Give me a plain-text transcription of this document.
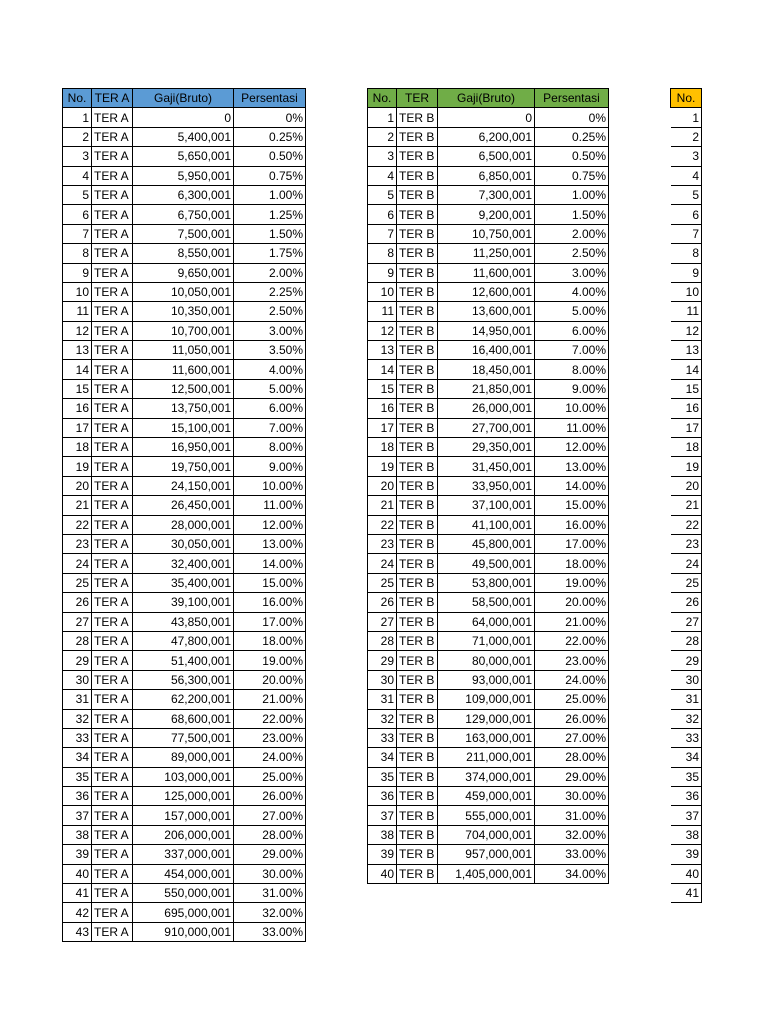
No.	TER A	Gaji(Bruto)	Persentasi
1	TER A	0	0%
2	TER A	5,400,001	0.25%
3	TER A	5,650,001	0.50%
4	TER A	5,950,001	0.75%
5	TER A	6,300,001	1.00%
6	TER A	6,750,001	1.25%
7	TER A	7,500,001	1.50%
8	TER A	8,550,001	1.75%
9	TER A	9,650,001	2.00%
10	TER A	10,050,001	2.25%
11	TER A	10,350,001	2.50%
12	TER A	10,700,001	3.00%
13	TER A	11,050,001	3.50%
14	TER A	11,600,001	4.00%
15	TER A	12,500,001	5.00%
16	TER A	13,750,001	6.00%
17	TER A	15,100,001	7.00%
18	TER A	16,950,001	8.00%
19	TER A	19,750,001	9.00%
20	TER A	24,150,001	10.00%
21	TER A	26,450,001	11.00%
22	TER A	28,000,001	12.00%
23	TER A	30,050,001	13.00%
24	TER A	32,400,001	14.00%
25	TER A	35,400,001	15.00%
26	TER A	39,100,001	16.00%
27	TER A	43,850,001	17.00%
28	TER A	47,800,001	18.00%
29	TER A	51,400,001	19.00%
30	TER A	56,300,001	20.00%
31	TER A	62,200,001	21.00%
32	TER A	68,600,001	22.00%
33	TER A	77,500,001	23.00%
34	TER A	89,000,001	24.00%
35	TER A	103,000,001	25.00%
36	TER A	125,000,001	26.00%
37	TER A	157,000,001	27.00%
38	TER A	206,000,001	28.00%
39	TER A	337,000,001	29.00%
40	TER A	454,000,001	30.00%
41	TER A	550,000,001	31.00%
42	TER A	695,000,001	32.00%
43	TER A	910,000,001	33.00%
No.	TER	Gaji(Bruto)	Persentasi
1	TER B	0	0%
2	TER B	6,200,001	0.25%
3	TER B	6,500,001	0.50%
4	TER B	6,850,001	0.75%
5	TER B	7,300,001	1.00%
6	TER B	9,200,001	1.50%
7	TER B	10,750,001	2.00%
8	TER B	11,250,001	2.50%
9	TER B	11,600,001	3.00%
10	TER B	12,600,001	4.00%
11	TER B	13,600,001	5.00%
12	TER B	14,950,001	6.00%
13	TER B	16,400,001	7.00%
14	TER B	18,450,001	8.00%
15	TER B	21,850,001	9.00%
16	TER B	26,000,001	10.00%
17	TER B	27,700,001	11.00%
18	TER B	29,350,001	12.00%
19	TER B	31,450,001	13.00%
20	TER B	33,950,001	14.00%
21	TER B	37,100,001	15.00%
22	TER B	41,100,001	16.00%
23	TER B	45,800,001	17.00%
24	TER B	49,500,001	18.00%
25	TER B	53,800,001	19.00%
26	TER B	58,500,001	20.00%
27	TER B	64,000,001	21.00%
28	TER B	71,000,001	22.00%
29	TER B	80,000,001	23.00%
30	TER B	93,000,001	24.00%
31	TER B	109,000,001	25.00%
32	TER B	129,000,001	26.00%
33	TER B	163,000,001	27.00%
34	TER B	211,000,001	28.00%
35	TER B	374,000,001	29.00%
36	TER B	459,000,001	30.00%
37	TER B	555,000,001	31.00%
38	TER B	704,000,001	32.00%
39	TER B	957,000,001	33.00%
40	TER B	1,405,000,001	34.00%
No.
1
2
3
4
5
6
7
8
9
10
11
12
13
14
15
16
17
18
19
20
21
22
23
24
25
26
27
28
29
30
31
32
33
34
35
36
37
38
39
40
41
